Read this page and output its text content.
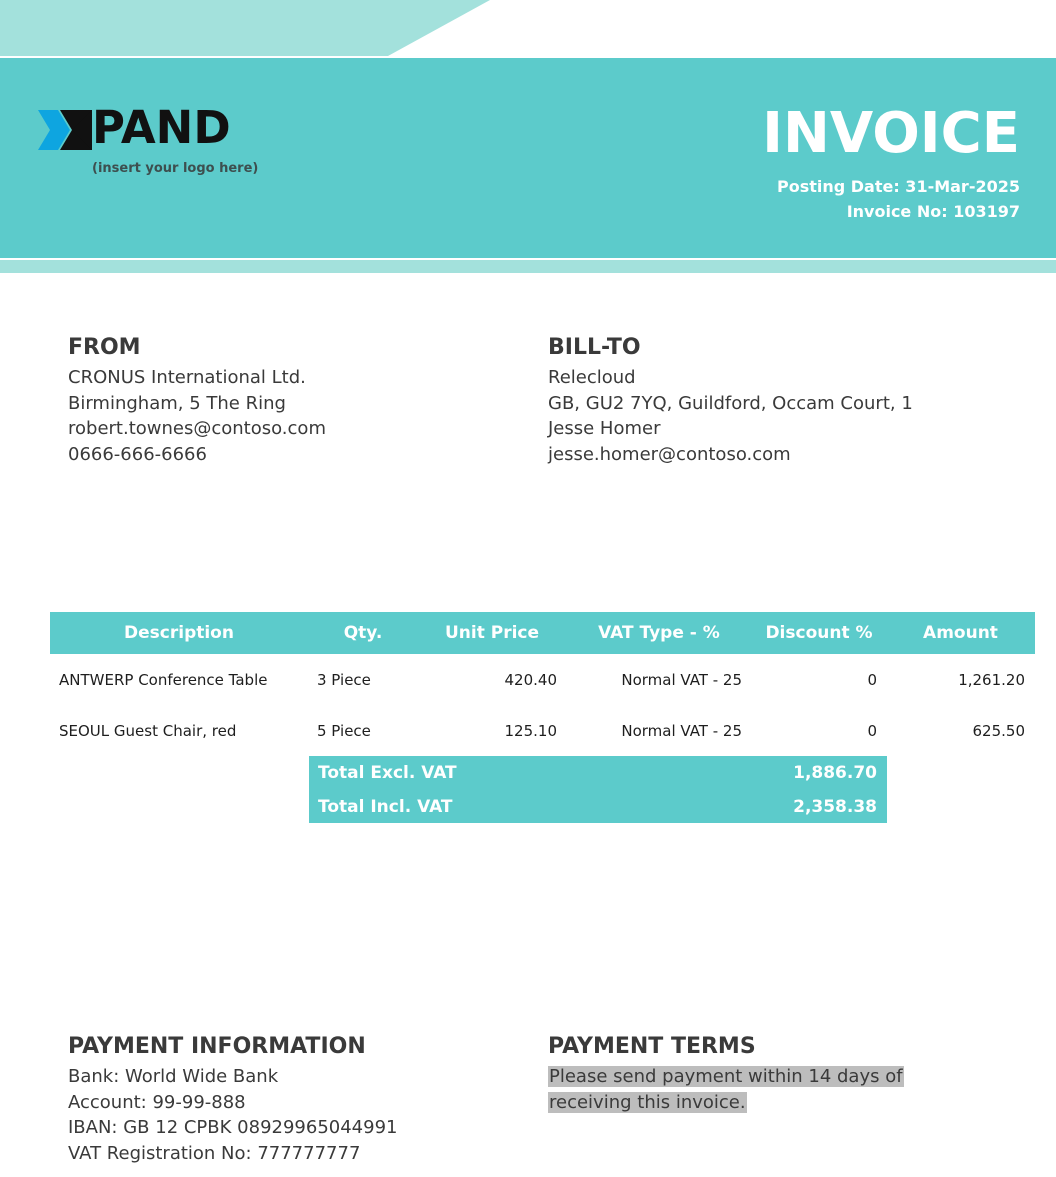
PAND
(insert your logo here)
INVOICE
Posting Date: 31-Mar-2025
Invoice No: 103197
FROM
CRONUS International Ltd.
Birmingham, 5 The Ring
robert.townes@contoso.com
0666-666-6666
BILL-TO
Relecloud
GB, GU2 7YQ, Guildford, Occam Court, 1
Jesse Homer
jesse.homer@contoso.com
Description	Qty.	Unit Price	VAT Type - %	Discount %	Amount
ANTWERP Conference Table	3 Piece	420.40	Normal VAT - 25	0	1,261.20
SEOUL Guest Chair, red	5 Piece	125.10	Normal VAT - 25	0	625.50
Total Excl. VAT	1,886.70
Total Incl. VAT	2,358.38
PAYMENT INFORMATION
Bank: World Wide Bank
Account: 99-99-888
IBAN: GB 12 CPBK 08929965044991
VAT Registration No: 777777777
PAYMENT TERMS
Please send payment within 14 days of
receiving this invoice.
